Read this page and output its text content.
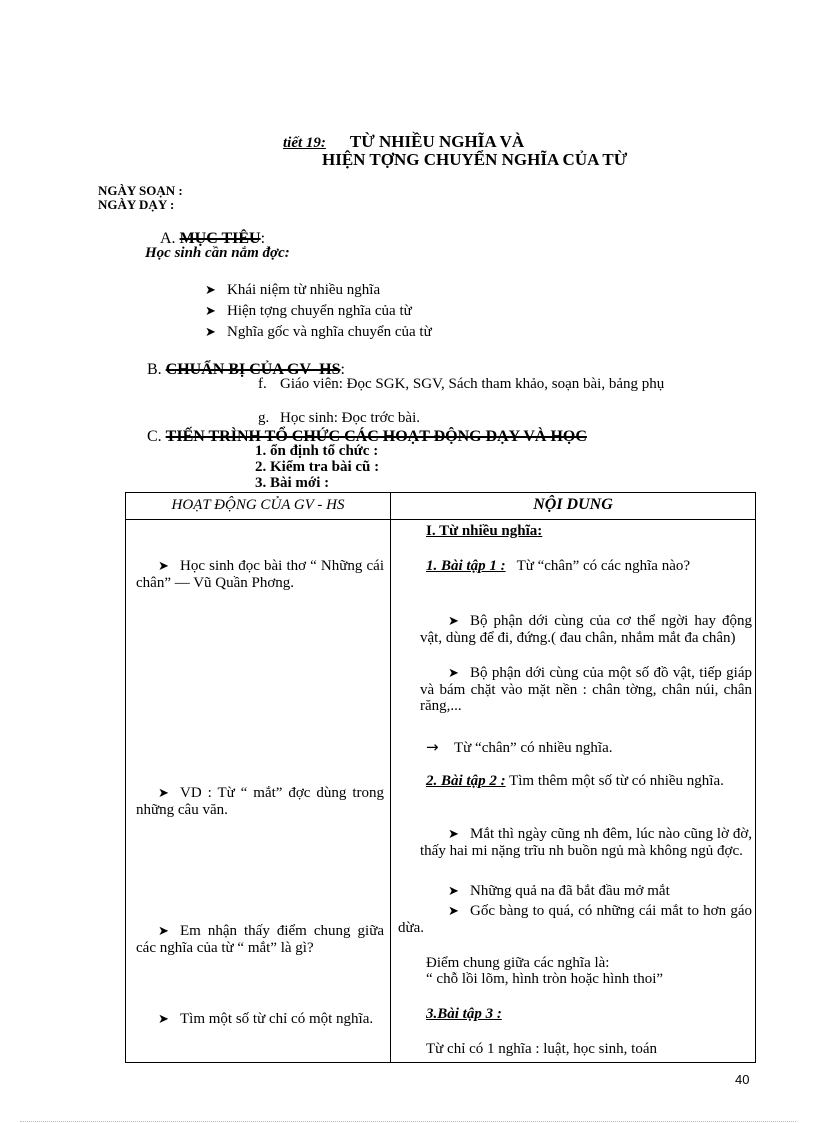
tiết 19: TỪ NHIỀU NGHĨA VÀ
HIỆN TỢNG CHUYỂN NGHĨA CỦA TỪ
NGÀY SOẠN :
NGÀY DẠY :
A. MỤC TIÊU:
Học sinh cần nắm đợc:
➤ Khái niệm từ nhiều nghĩa
➤ Hiện tợng chuyển nghĩa của từ
➤ Nghĩa gốc và nghĩa chuyển của từ
B. CHUẨN BỊ CỦA GV- HS:
f. Giáo viên: Đọc SGK, SGV, Sách tham khảo, soạn bài, bảng phụ
g. Học sinh: Đọc trớc bài.
C. TIẾN TRÌNH TỔ CHỨC CÁC HOẠT ĐỘNG DẠY VÀ HỌC
1. ổn định tổ chức :
2. Kiểm tra bài cũ :
3. Bài mới :
HOẠT ĐỘNG CỦA GV - HS	NỘI DUNG
➤ Học sinh đọc bài thơ “ Những cái chân” — Vũ Quần Phơng.
➤ VD : Từ “ mắt” đợc dùng trong những câu văn.
➤ Em nhận thấy điểm chung giữa các nghĩa của từ “ mắt” là gì?
➤ Tìm một số từ chỉ có một nghĩa.
I. Từ nhiều nghĩa:
1. Bài tập 1 : Từ “chân” có các nghĩa nào?
➤ Bộ phận dới cùng của cơ thể ngời hay động vật, dùng để đi, đứng.( đau chân, nhắm mắt đa chân)
➤ Bộ phận dới cùng của một số đồ vật, tiếp giáp và bám chặt vào mặt nền : chân tờng, chân núi, chân răng,...
→ Từ “chân” có nhiều nghĩa.
2. Bài tập 2 : Tìm thêm một số từ có nhiều nghĩa.
➤ Mắt thì ngày cũng nh đêm, lúc nào cũng lờ đờ, thấy hai mi nặng trĩu nh buồn ngủ mà không ngủ đợc.
➤ Những quả na đã bắt đầu mở mắt
➤ Gốc bàng to quá, có những cái mắt to hơn gáo dừa.
Điểm chung giữa các nghĩa là:
“ chỗ lồi lõm, hình tròn hoặc hình thoi”
3.Bài tập 3 :
Từ chỉ có 1 nghĩa : luật, học sinh, toán
40
